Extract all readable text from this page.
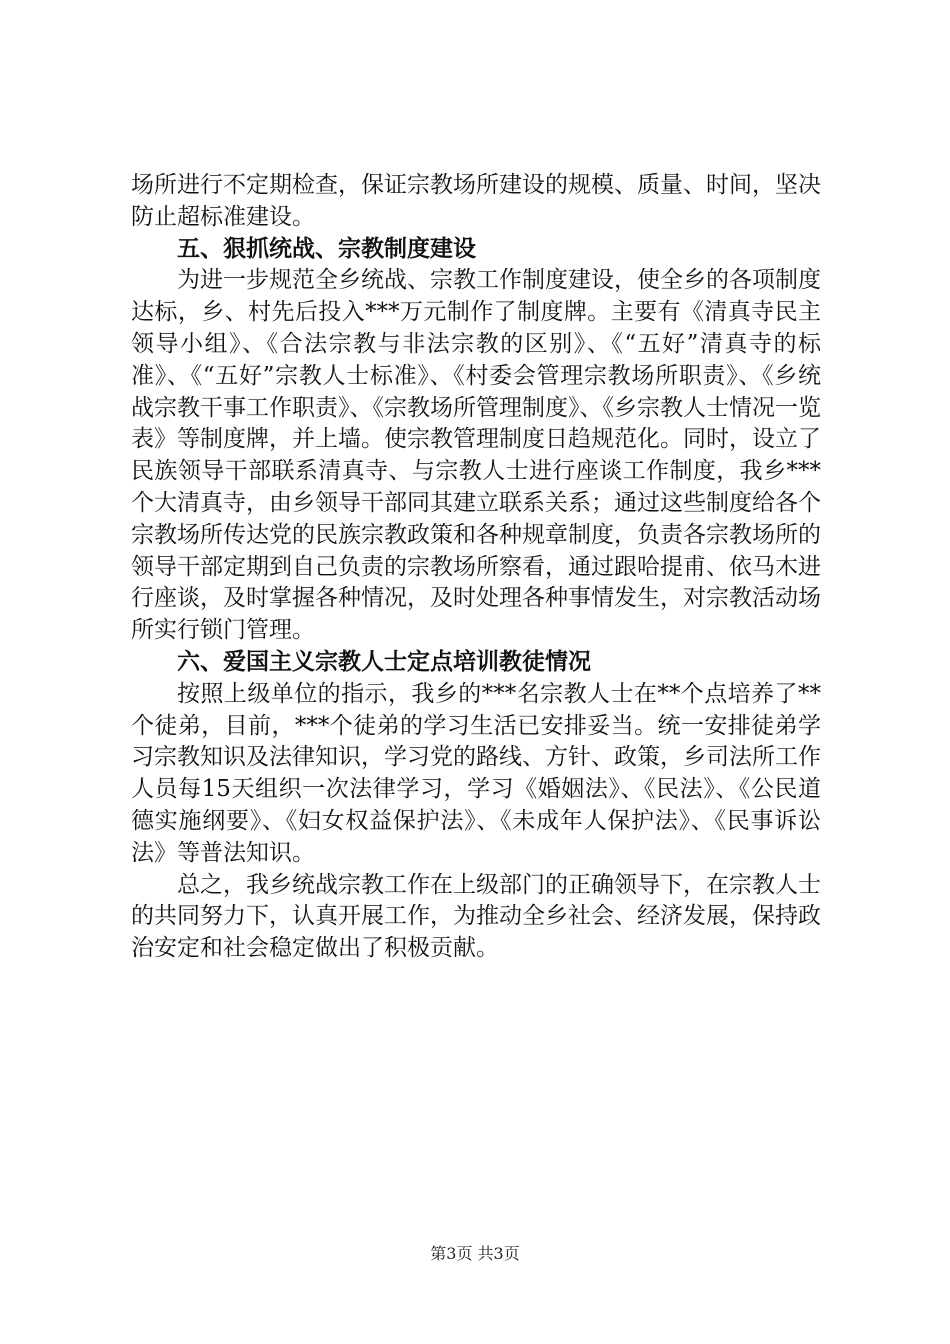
场所进行不定期检查，保证宗教场所建设的规模、质量、时间，坚决防止超标准建设。

五、狠抓统战、宗教制度建设

为进一步规范全乡统战、宗教工作制度建设，使全乡的各项制度达标，乡、村先后投入***万元制作了制度牌。主要有《清真寺民主领导小组》、《合法宗教与非法宗教的区别》、《“五好”清真寺的标准》、《“五好”宗教人士标准》、《村委会管理宗教场所职责》、《乡统战宗教干事工作职责》、《宗教场所管理制度》、《乡宗教人士情况一览表》等制度牌，并上墙。使宗教管理制度日趋规范化。同时，设立了民族领导干部联系清真寺、与宗教人士进行座谈工作制度，我乡***个大清真寺，由乡领导干部同其建立联系关系；通过这些制度给各个宗教场所传达党的民族宗教政策和各种规章制度，负责各宗教场所的领导干部定期到自己负责的宗教场所察看，通过跟哈提甫、依马木进行座谈，及时掌握各种情况，及时处理各种事情发生，对宗教活动场所实行锁门管理。

六、爱国主义宗教人士定点培训教徒情况

按照上级单位的指示，我乡的***名宗教人士在**个点培养了**个徒弟，目前，***个徒弟的学习生活已安排妥当。统一安排徒弟学习宗教知识及法律知识，学习党的路线、方针、政策，乡司法所工作人员每15天组织一次法律学习，学习《婚姻法》、《民法》、《公民道德实施纲要》、《妇女权益保护法》、《未成年人保护法》、《民事诉讼法》等普法知识。

总之，我乡统战宗教工作在上级部门的正确领导下，在宗教人士的共同努力下，认真开展工作，为推动全乡社会、经济发展，保持政治安定和社会稳定做出了积极贡献。

第3页 共3页
